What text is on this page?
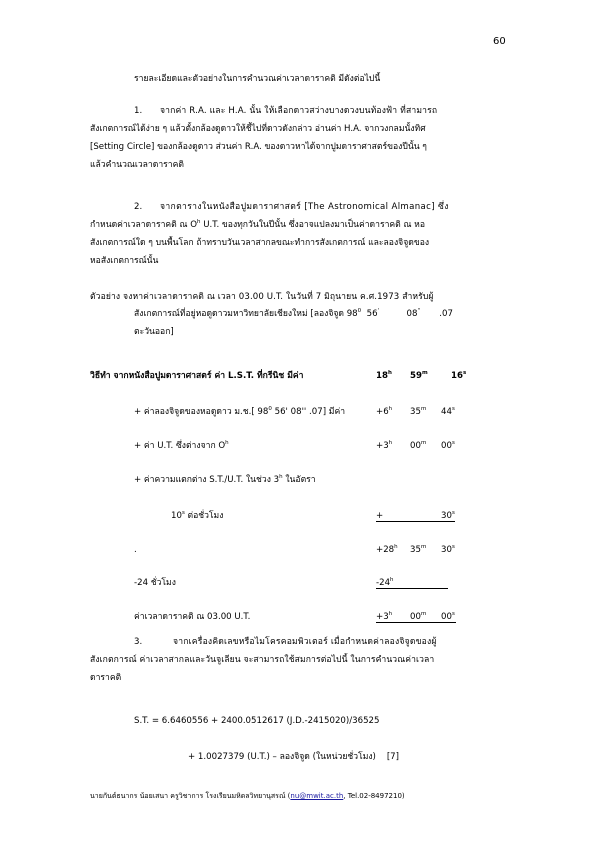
60
รายละเอียดและตัวอย่างในการคำนวณค่าเวลาดาราคติ มีดังต่อไปนี้
1. จากค่า R.A. และ H.A. นั้น ให้เลือกดาวสว่างบางดวงบนท้องฟ้า ที่สามารถ
สังเกตการณ์ได้ง่าย ๆ แล้วตั้งกล้องดูดาวให้ชี้ไปที่ดาวดังกล่าว อ่านค่า H.A. จากวงกลมนั้งทิศ
[Setting Circle] ของกล้องดูดาว ส่วนค่า R.A. ของดาวหาได้จากปูมดาราศาสตร์ของปีนั้น ๆ
แล้วคำนวณเวลาดาราคติ
2. จากตารางในหนังสือปูมดาราศาสตร์ [The Astronomical Almanac] ซึ่ง
กำหนดค่าเวลาดาราคติ ณ $O^h$ U.T. ของทุกวันในปีนั้น ซึ่งอาจแปลงมาเป็นค่าดาราคติ ณ หอ
สังเกตการณ์ใด ๆ บนพื้นโลก ถ้าทราบวันเวลาสากลขณะทำการสังเกตการณ์ และลองจิจูดของ
หอสังเกตการณ์นั้น
ตัวอย่าง จงหาค่าเวลาดาราคติ ณ เวลา 03.00 U.T. ในวันที่ 7 มิถุนายน ค.ศ.1973 สำหรับผู้
สังเกตการณ์ที่อยู่หอดูดาวมหาวิทยาลัยเชียงใหม่ [ลองจิจูด $98^0$  56'	08'' .07
ตะวันออก]
วิธีทำ จากหนังสือปูมดาราศาสตร์ ค่า L.S.T. ที่กรีนิช มีค่า	18$^h$ 59$^m$	$16^s$
+ ค่าลองจิจูดของหอดูดาว ม.ช.[ $98^0$ 56' 08'' .07] มีค่า	$+6^h$ 35$^m$ $44^s$
+ ค่า U.T. ซึ่งต่างจาก $O^h$	$+3^h$ 00$^m$ $00^s$
+ ค่าความแตกต่าง S.T./U.T. ในช่วง 3$^h$ ในอัตรา
10$^s$ ต่อชั่วโมง	+	$30^s$
.	$+28^h$ 35$^m$ 30$^s$
-24 ชั่วโมง	-24$^h$
ค่าเวลาดาราคติ ณ 03.00 U.T.	$+3^h$ 00$^m$ 00$^s$
3.	จากเครื่องคิดเลขหรือไมโครคอมพิวเตอร์ เมื่อกำหนดค่าลองจิจูดของผู้
สังเกตการณ์ ค่าเวลาสากลและวันจูเลียน จะสามารถใช้สมการต่อไปนี้ ในการคำนวณค่าเวลา
ดาราคติ
S.T. = 6.6460556 + 2400.0512617 (J.D.-2415020)/36525
+ 1.0027379 (U.T.) – ลองจิจูด (ในหน่วยชั่วโมง)    [7]
นายกันต์ธนากร น้อยเสนา ครูวิชาการ โรงเรียนมหิดลวิทยานุสรณ์ (nu@mwit.ac.th, Tel.02-8497210)
